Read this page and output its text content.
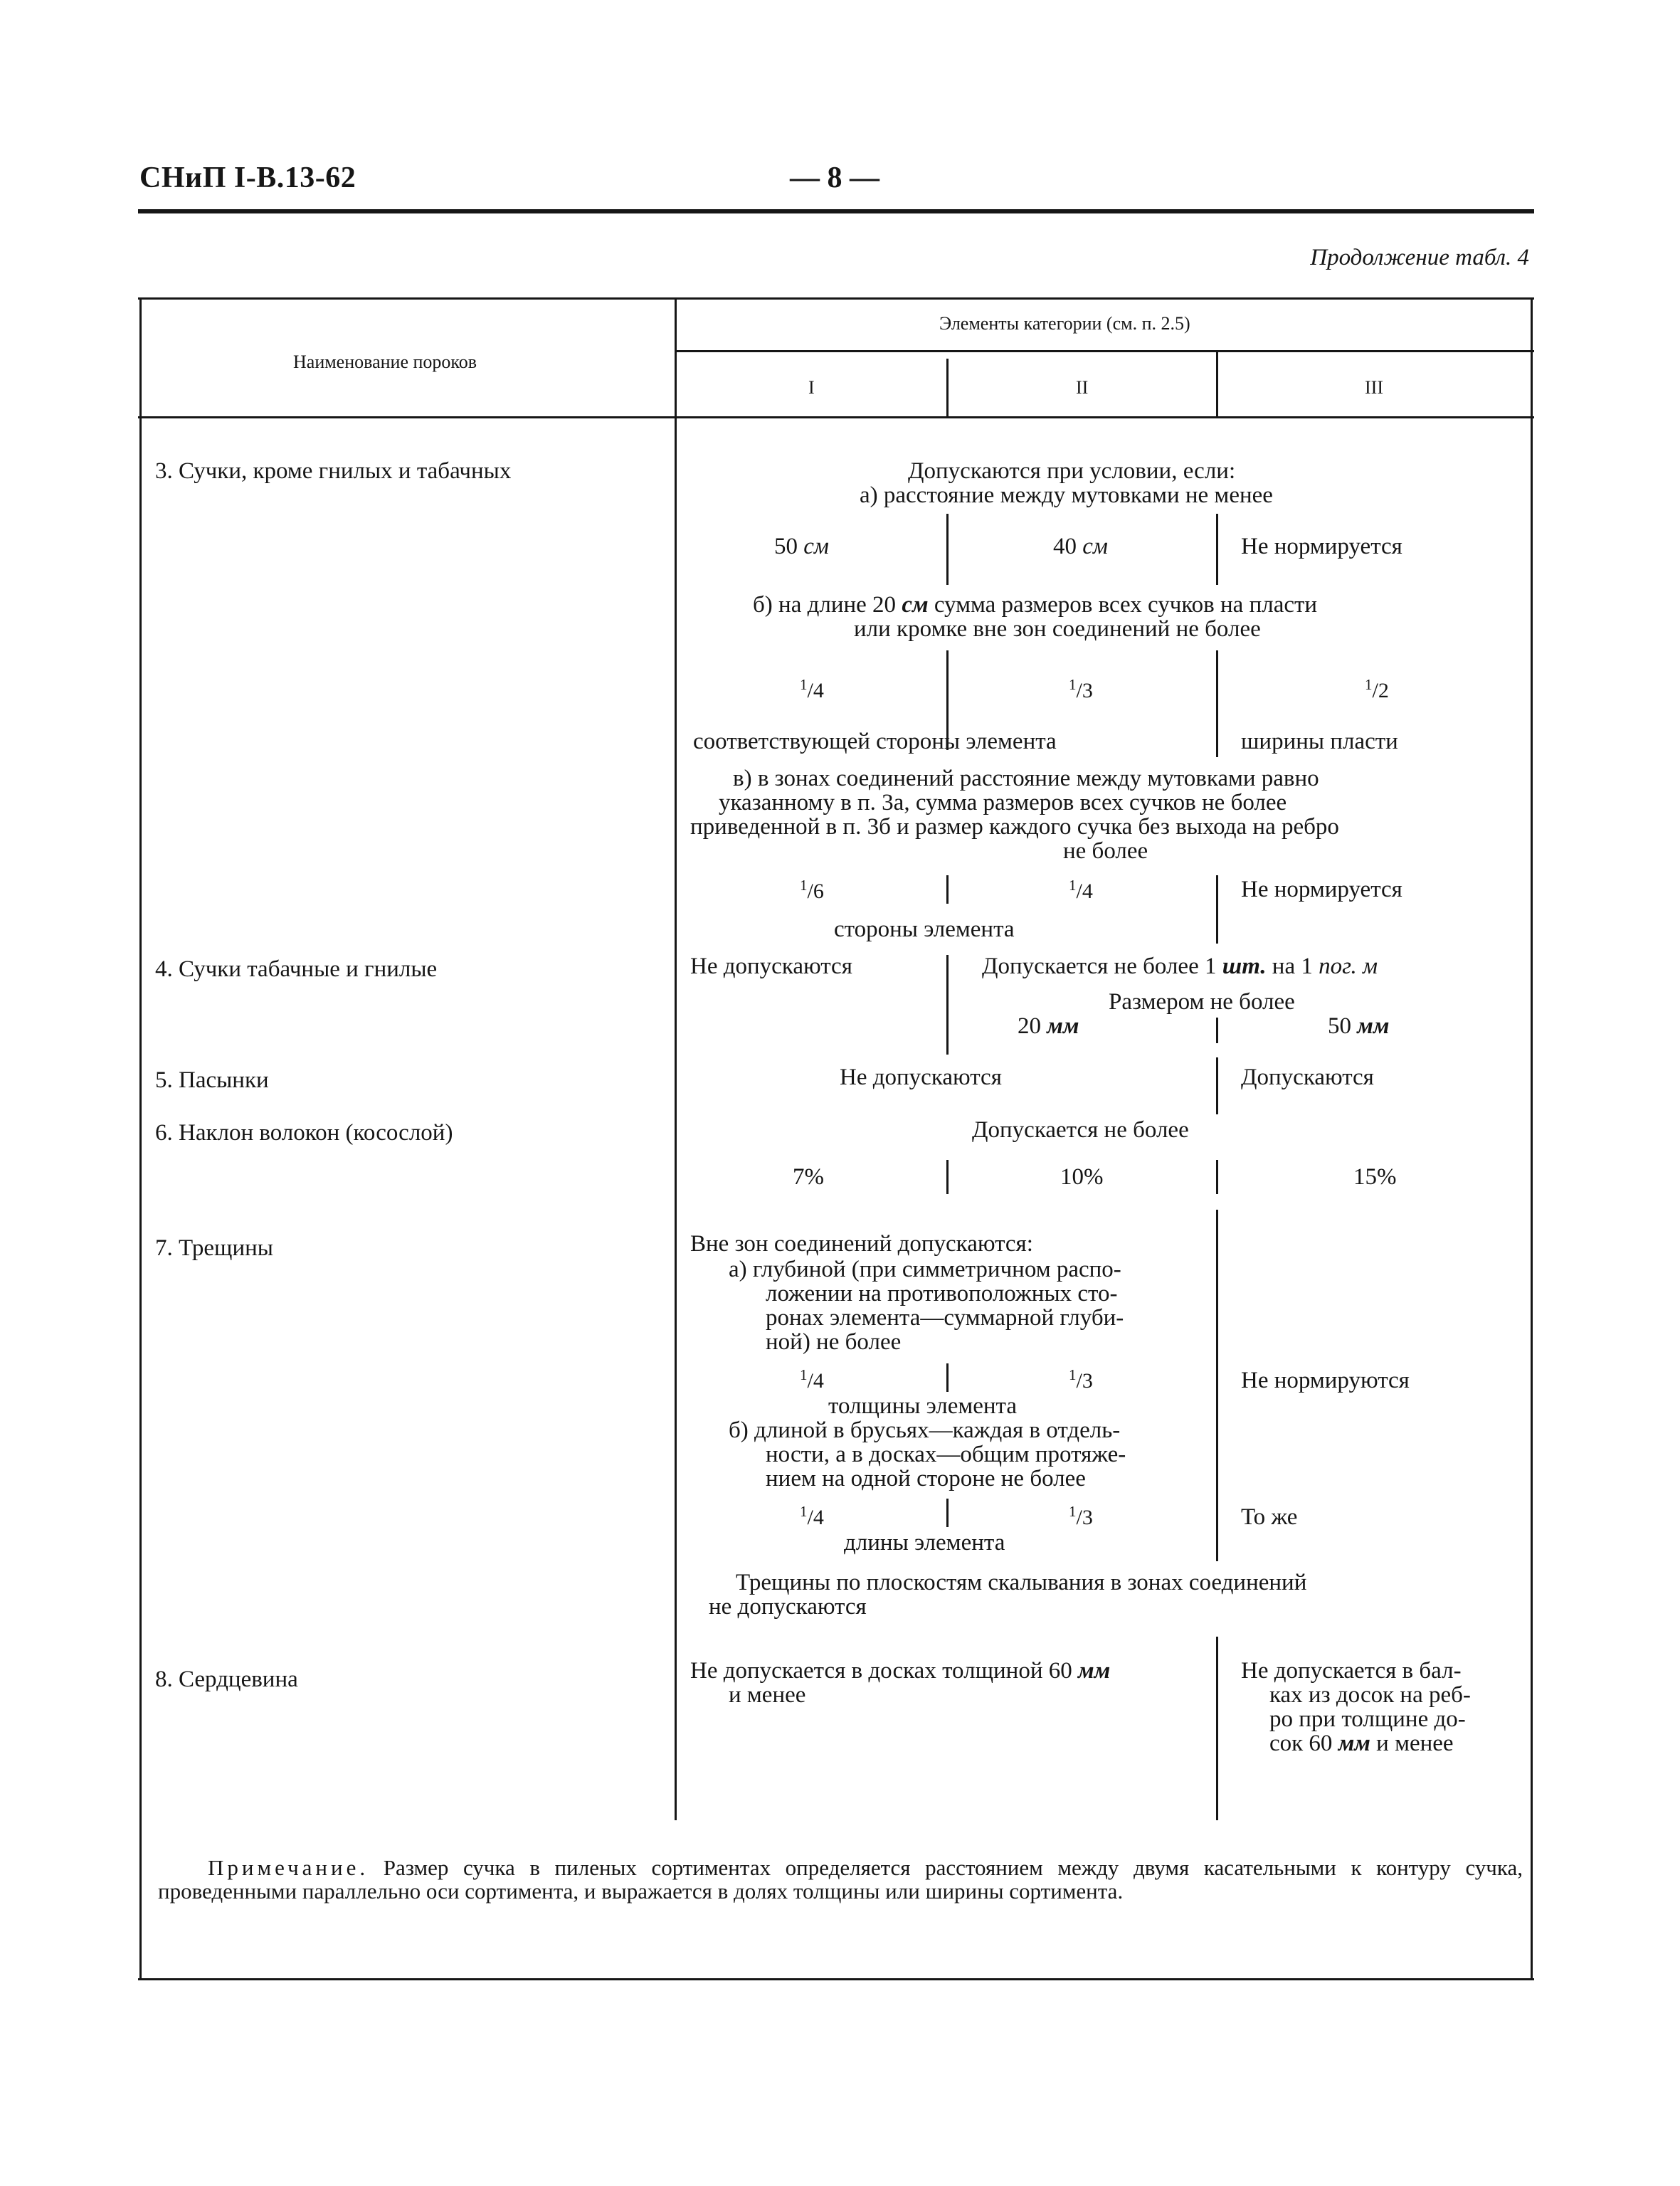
СНиП I-В.13-62	— 8 —
Продолжение табл. 4
Наименование пороков
Элементы категории (см. п. 2.5)
I	II	III
3. Сучки, кроме гнилых и табачных	Допускаются при условии, если:
а) расстояние между мутовками не менее
50 см	40 см	Не нормируется
б) на длине 20 см сумма размеров всех сучков на пласти
или кромке вне зон соединений не более
$^1$/4	$^1$/3	$^1$/2
соответствующей стороны элемента	ширины пласти
в) в зонах соединений расстояние между мутовками равно
указанному в п. 3а, сумма размеров всех сучков не более
приведенной в п. 3б и размер каждого сучка без выхода на ребро
не более
$^1$/6	$^1$/4	Не нормируется
стороны элемента
4. Сучки табачные и гнилые	Не допускаются	Допускается не более 1 шт. на 1 пог. м
Размером не более
20 мм	50 мм
5. Пасынки	Не допускаются	Допускаются
6. Наклон волокон (косослой)	Допускается не более
7%	10%	15%
7. Трещины	Вне зон соединений допускаются:
а) глубиной (при симметричном распо-
ложении на противоположных сто-
ронах элемента—суммарной глуби-
ной) не более
$^1$/4	$^1$/3	Не нормируются
толщины элемента
б) длиной в брусьях—каждая в отдель-
ности, а в досках—общим протяже-
нием на одной стороне не более
$^1$/4	$^1$/3	То же
длины элемента
Трещины по плоскостям скалывания в зонах соединений
не допускаются
8. Сердцевина	Не допускается в досках толщиной 60 мм
и менее
Не допускается в бал-
ках из досок на реб-
ро при толщине до-
сок 60 мм и менее
Примечание. Размер сучка в пиленых сортиментах определяется расстоянием между двумя касательными к контуру сучка, проведенными параллельно оси сортимента, и выражается в долях толщины или ширины сортимента.
